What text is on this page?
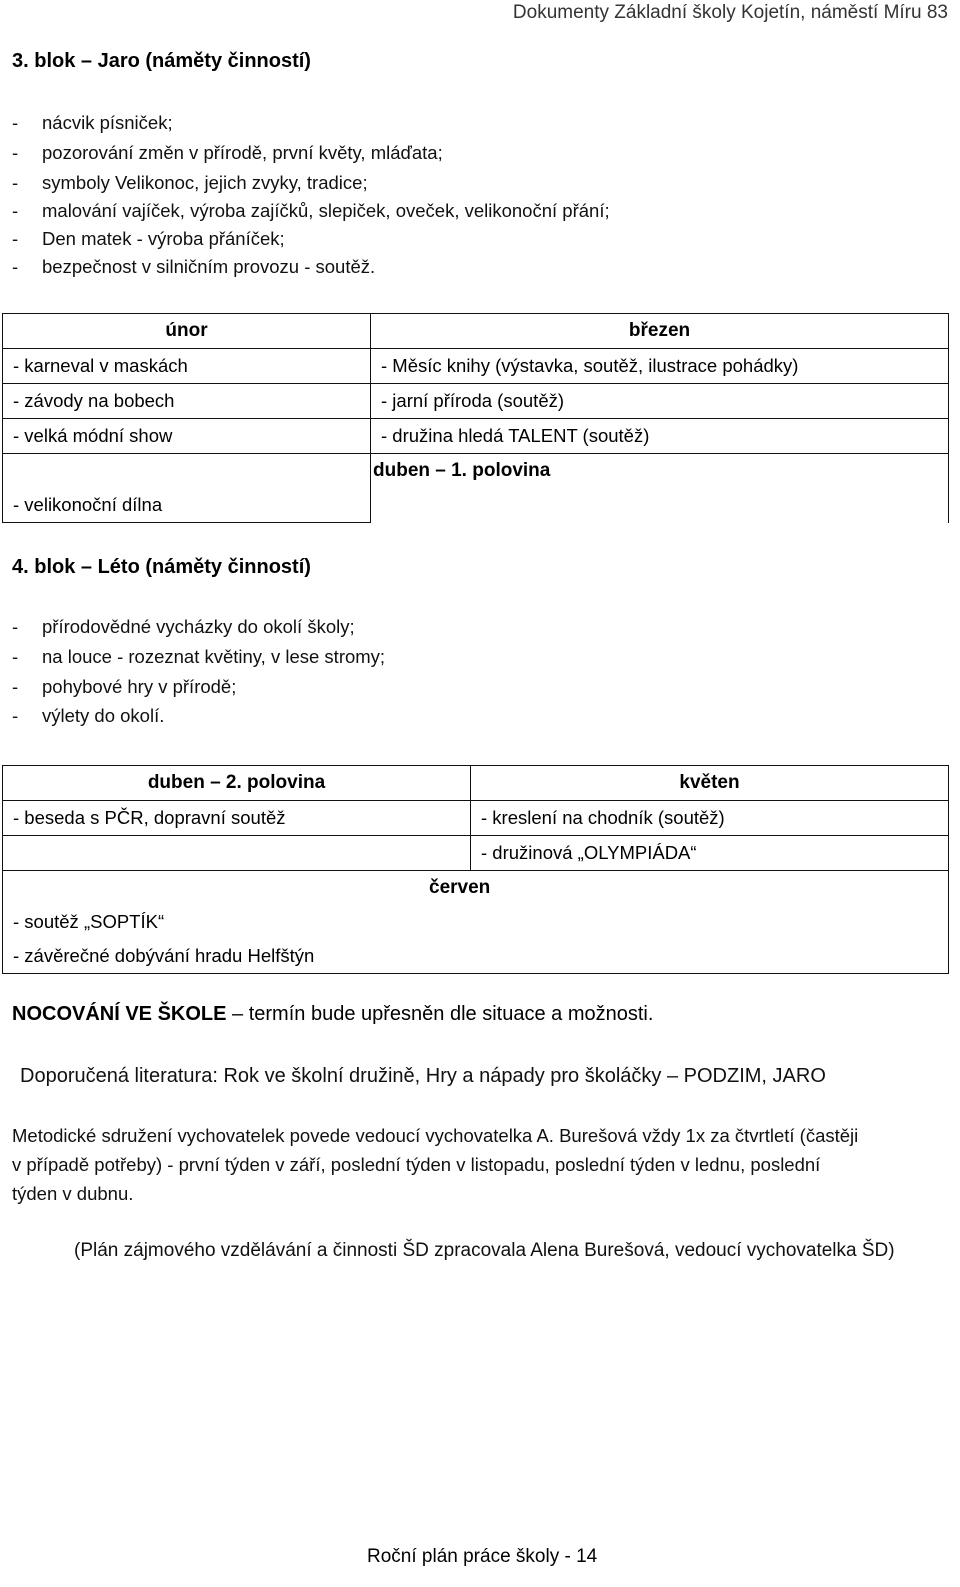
Dokumenty Základní školy Kojetín, náměstí Míru 83
3. blok – Jaro (náměty činností)
- nácvik písniček;
- pozorování změn v přírodě, první květy, mláďata;
- symboly Velikonoc, jejich zvyky, tradice;
- malování vajíček, výroba zajíčků, slepiček, oveček, velikonoční přání;
- Den matek - výroba přáníček;
- bezpečnost v silničním provozu - soutěž.
únor	březen
- karneval v maskách	- Měsíc knihy (výstavka, soutěž, ilustrace pohádky)
- závody na bobech	- jarní příroda (soutěž)
- velká módní show	- družina hledá TALENT (soutěž)

- velikonoční dílna	duben – 1. polovina
4. blok – Léto (náměty činností)
- přírodovědné vycházky do okolí školy;
- na louce - rozeznat květiny, v lese stromy;
- pohybové hry v přírodě;
- výlety do okolí.
duben – 2. polovina	květen
- beseda s PČR, dopravní soutěž	- kreslení na chodník (soutěž)
	- družinová „OLYMPIÁDA“

červen
- soutěž „SOPTÍK“
- závěrečné dobývání hradu Helfštýn	
NOCOVÁNÍ VE ŠKOLE – termín bude upřesněn dle situace a možnosti.
Doporučená literatura: Rok ve školní družině, Hry a nápady pro školáčky – PODZIM, JARO
Metodické sdružení vychovatelek povede vedoucí vychovatelka A. Burešová vždy 1x za čtvrtletí (častěji
v případě potřeby) - první týden v září, poslední týden v listopadu, poslední týden v lednu, poslední
týden v dubnu.
(Plán zájmového vzdělávání a činnosti ŠD zpracovala Alena Burešová, vedoucí vychovatelka ŠD)
Roční plán práce školy - 14
